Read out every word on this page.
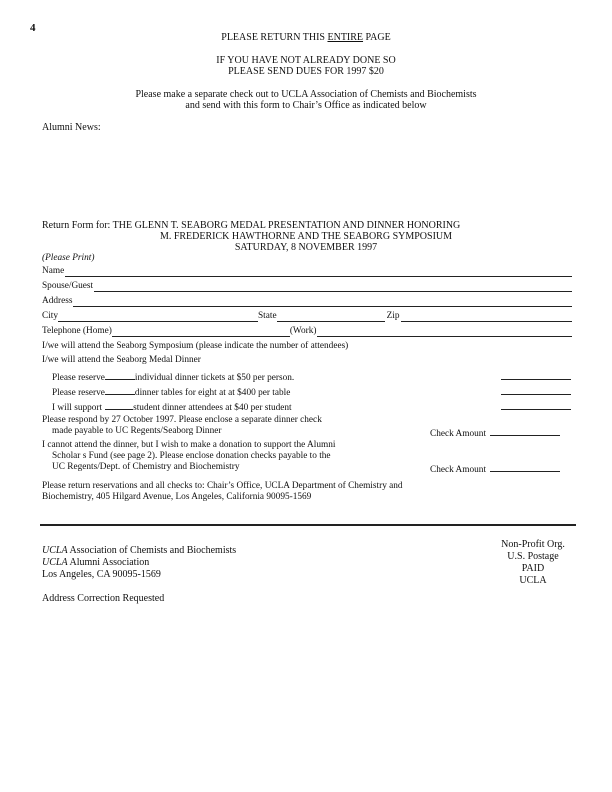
4
PLEASE RETURN THIS ENTIRE PAGE
IF YOU HAVE NOT ALREADY DONE SO
PLEASE SEND DUES FOR 1997 $20
Please make a separate check out to UCLA Association of Chemists and Biochemists
and send with this form to Chair’s Office as indicated below
Alumni News:
Return Form for: THE GLENN T. SEABORG MEDAL PRESENTATION AND DINNER HONORING
M. FREDERICK HAWTHORNE AND THE SEABORG SYMPOSIUM
SATURDAY, 8 NOVEMBER 1997
(Please Print)
Name
Spouse/Guest
Address
City	State	Zip
Telephone (Home)	(Work)
I/we will attend the Seaborg Symposium (please indicate the number of attendees)
I/we will attend the Seaborg Medal Dinner
Please reserve	individual dinner tickets at $50 per person.
Please reserve	dinner tables for eight at at $400 per table
I will support	student dinner attendees at $40 per student
Please respond by 27 October 1997. Please enclose a separate dinner check
made payable to UC Regents/Seaborg Dinner	Check Amount
I cannot attend the dinner, but I wish to make a donation to support the Alumni
Scholar s Fund (see page 2). Please enclose donation checks payable to the
UC Regents/Dept. of Chemistry and Biochemistry	Check Amount
Please return reservations and all checks to: Chair’s Office, UCLA Department of Chemistry and
Biochemistry, 405 Hilgard Avenue, Los Angeles, California 90095-1569
UCLA Association of Chemists and Biochemists
UCLA Alumni Association
Los Angeles, CA 90095-1569
Address Correction Requested
Non-Profit Org.
U.S. Postage
PAID
UCLA
